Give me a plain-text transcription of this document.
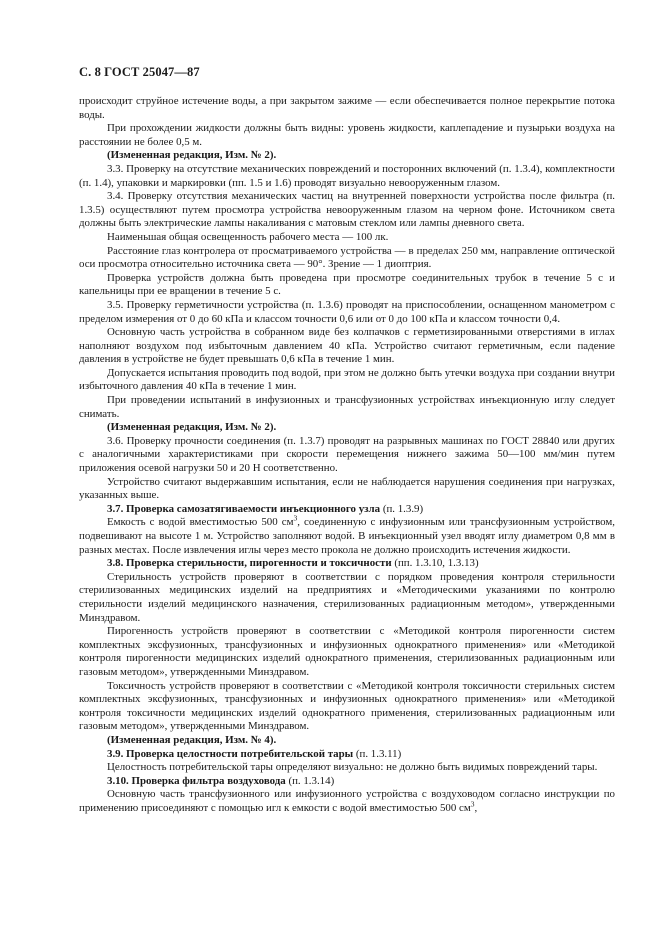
С. 8 ГОСТ 25047—87

происходит струйное истечение воды, а при закрытом зажиме — если обеспечивается полное перекрытие потока воды.

При прохождении жидкости должны быть видны: уровень жидкости, каплепадение и пузырьки воздуха на расстоянии не более 0,5 м.

(Измененная редакция, Изм. № 2).

3.3. Проверку на отсутствие механических повреждений и посторонних включений (п. 1.3.4), комплектности (п. 1.4), упаковки и маркировки (пп. 1.5 и 1.6) проводят визуально невооруженным глазом.

3.4. Проверку отсутствия механических частиц на внутренней поверхности устройства после фильтра (п. 1.3.5) осуществляют путем просмотра устройства невооруженным глазом на черном фоне. Источником света должны быть электрические лампы накаливания с матовым стеклом или лампы дневного света.

Наименьшая общая освещенность рабочего места — 100 лк.

Расстояние глаз контролера от просматриваемого устройства — в пределах 250 мм, направление оптической оси просмотра относительно источника света — 90°. Зрение — 1 диоптрия.

Проверка устройств должна быть проведена при просмотре соединительных трубок в течение 5 с и капельницы при ее вращении в течение 5 с.

3.5. Проверку герметичности устройства (п. 1.3.6) проводят на приспособлении, оснащенном манометром с пределом измерения от 0 до 60 кПа и классом точности 0,6 или от 0 до 100 кПа и классом точности 0,4.

Основную часть устройства в собранном виде без колпачков с герметизированными отверстиями в иглах наполняют воздухом под избыточным давлением 40 кПа. Устройство считают герметичным, если падение давления в устройстве не будет превышать 0,6 кПа в течение 1 мин.

Допускается испытания проводить под водой, при этом не должно быть утечки воздуха при создании внутри избыточного давления 40 кПа в течение 1 мин.

При проведении испытаний в инфузионных и трансфузионных устройствах инъекционную иглу следует снимать.

(Измененная редакция, Изм. № 2).

3.6. Проверку прочности соединения (п. 1.3.7) проводят на разрывных машинах по ГОСТ 28840 или других с аналогичными характеристиками при скорости перемещения нижнего зажима 50—100 мм/мин путем приложения осевой нагрузки 50 и 20 Н соответственно.

Устройство считают выдержавшим испытания, если не наблюдается нарушения соединения при нагрузках, указанных выше.

3.7. Проверка самозатягиваемости инъекционного узла (п. 1.3.9)

Емкость с водой вместимостью 500 $см^3$, соединенную с инфузионным или трансфузионным устройством, подвешивают на высоте 1 м. Устройство заполняют водой. В инъекционный узел вводят иглу диаметром 0,8 мм в разных местах. После извлечения иглы через место прокола не должно происходить истечения жидкости.

3.8. Проверка стерильности, пирогенности и токсичности (пп. 1.3.10, 1.3.13)

Стерильность устройств проверяют в соответствии с порядком проведения контроля стерильности стерилизованных медицинских изделий на предприятиях и «Методическими указаниями по контролю стерильности изделий медицинского назначения, стерилизованных радиационным методом», утвержденными Минздравом.

Пирогенность устройств проверяют в соответствии с «Методикой контроля пирогенности систем комплектных эксфузионных, трансфузионных и инфузионных однократного применения» или «Методикой контроля пирогенности медицинских изделий однократного применения, стерилизованных радиационным или газовым методом», утвержденными Минздравом.

Токсичность устройств проверяют в соответствии с «Методикой контроля токсичности стерильных систем комплектных эксфузионных, трансфузионных и инфузионных однократного применения» или «Методикой контроля токсичности медицинских изделий однократного применения, стерилизованных радиационным или газовым методом», утвержденными Минздравом.

(Измененная редакция, Изм. № 4).

3.9. Проверка целостности потребительской тары (п. 1.3.11)

Целостность потребительской тары определяют визуально: не должно быть видимых повреждений тары.

3.10. Проверка фильтра воздуховода (п. 1.3.14)

Основную часть трансфузионного или инфузионного устройства с воздуховодом согласно инструкции по применению присоединяют с помощью игл к емкости с водой вместимостью 500 $см^3$,
